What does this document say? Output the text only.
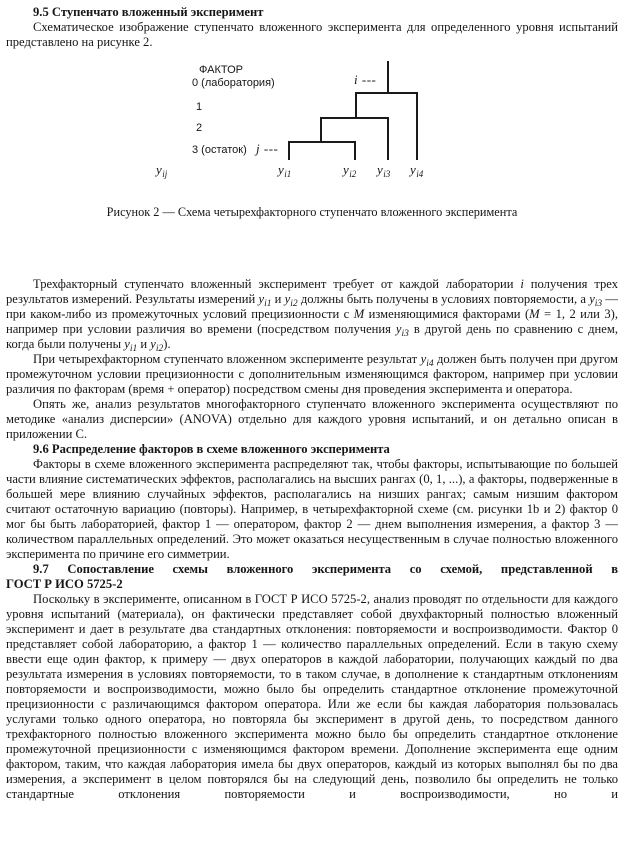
9.5 Ступенчато вложенный эксперимент

Схематическое изображение ступенчато вложенного эксперимента для определенного уровня испытаний представлено на рисунке 2.

ФАКТОР
0 (лаборатория)
1
2
3 (остаток)
i ---
j ---
$y_{ij}$	$y_{i1}$	$y_{i2}$ $y_{i3}$ $y_{i4}$
Рисунок 2 — Схема четырехфакторного ступенчато вложенного эксперимента

Трехфакторный ступенчато вложенный эксперимент требует от каждой лаборатории i получения трех результатов измерений. Результаты измерений $y_{i1}$ и $y_{i2}$ должны быть получены в условиях повторяемости, а $y_{i3}$ — при каком-либо из промежуточных условий прецизионности с M изменяющимися факторами (M = 1, 2 или 3), например при условии различия во времени (посредством получения $y_{i3}$ в другой день по сравнению с днем, когда были получены $y_{i1}$ и $y_{i2}$).

При четырехфакторном ступенчато вложенном эксперименте результат $y_{i4}$ должен быть получен при другом промежуточном условии прецизионности с дополнительным изменяющимся фактором, например при условии различия по факторам (время + оператор) посредством смены дня проведения эксперимента и оператора.

Опять же, анализ результатов многофакторного ступенчато вложенного эксперимента осуществляют по методике «анализ дисперсии» (ANOVA) отдельно для каждого уровня испытаний, и он детально описан в приложении С.

9.6 Распределение факторов в схеме вложенного эксперимента

Факторы в схеме вложенного эксперимента распределяют так, чтобы факторы, испытывающие по большей части влияние систематических эффектов, располагались на высших рангах (0, 1, ...), а факторы, подверженные в большей мере влиянию случайных эффектов, располагались на низших рангах; самым низшим фактором считают остаточную вариацию (повторы). Например, в четырехфакторной схеме (см. рисунки 1b и 2) фактор 0 мог бы быть лабораторией, фактор 1 — оператором, фактор 2 — днем выполнения измерения, а фактор 3 — количеством параллельных определений. Это может оказаться несущественным в случае полностью вложенного эксперимента по причине его симметрии.

9.7 Сопоставление схемы вложенного эксперимента со схемой, представленной в
ГОСТ Р ИСО 5725-2

Поскольку в эксперименте, описанном в ГОСТ Р ИСО 5725-2, анализ проводят по отдельности для каждого уровня испытаний (материала), он фактически представляет собой двухфакторный полностью вложенный эксперимент и дает в результате два стандартных отклонения: повторяемости и воспроизводимости. Фактор 0 представляет собой лабораторию, а фактор 1 — количество параллельных определений. Если в такую схему ввести еще один фактор, к примеру — двух операторов в каждой лаборатории, получающих каждый по два результата измерения в условиях повторяемости, то в таком случае, в дополнение к стандартным отклонениям повторяемости и воспроизводимости, можно было бы определить стандартное отклонение промежуточной прецизионности с различающимся фактором оператора. Или же если бы каждая лаборатория пользовалась услугами только одного оператора, но повторяла бы эксперимент в другой день, то посредством данного трехфакторного полностью вложенного эксперимента можно было бы определить стандартное отклонение промежуточной прецизионности с изменяющимся фактором времени. Дополнение эксперимента еще одним фактором, таким, что каждая лаборатория имела бы двух операторов, каждый из которых выполнял бы по два измерения, а эксперимент в целом повторялся бы на следующий день, позволило бы определить не только стандартные отклонения повторяемости и воспроизводимости, но и
